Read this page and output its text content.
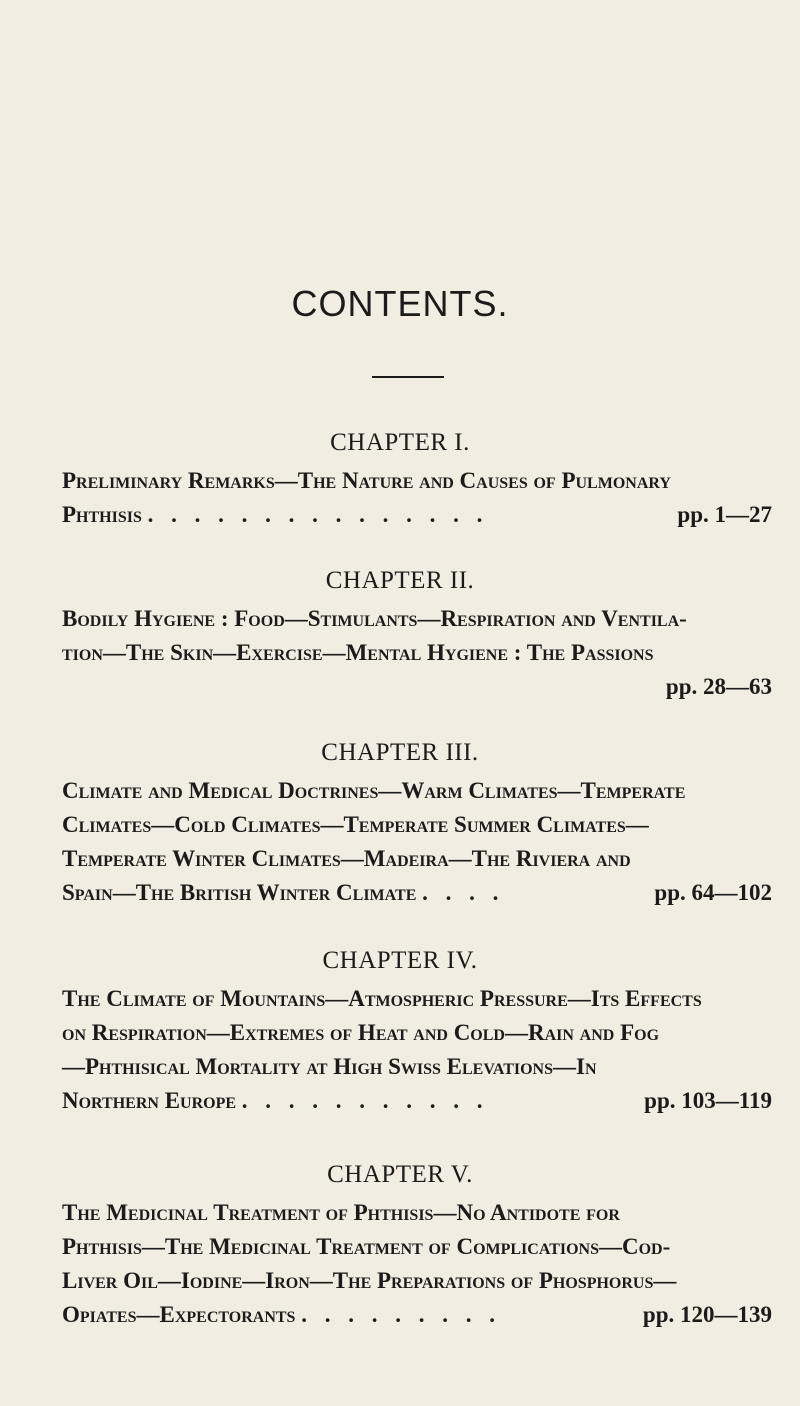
CONTENTS.

CHAPTER I.

Preliminary Remarks—The Nature and Causes of Pulmonary
Phthisis . . . . . . . . . . . . . . .	pp. 1—27

CHAPTER II.

Bodily Hygiene : Food—Stimulants—Respiration and Ventila-
tion—The Skin—Exercise—Mental Hygiene : The Passions
pp. 28—63

CHAPTER III.

Climate and Medical Doctrines—Warm Climates—Temperate
Climates—Cold Climates—Temperate Summer Climates—
Temperate Winter Climates—Madeira—The Riviera and
Spain—The British Winter Climate . . . .	pp. 64—102

CHAPTER IV.

The Climate of Mountains—Atmospheric Pressure—Its Effects
on Respiration—Extremes of Heat and Cold—Rain and Fog
—Phthisical Mortality at High Swiss Elevations—In
Northern Europe . . . . . . . . . . .	pp. 103—119

CHAPTER V.

The Medicinal Treatment of Phthisis—No Antidote for
Phthisis—The Medicinal Treatment of Complications—Cod-
Liver Oil—Iodine—Iron—The Preparations of Phosphorus—
Opiates—Expectorants . . . . . . . . .	pp. 120—139
